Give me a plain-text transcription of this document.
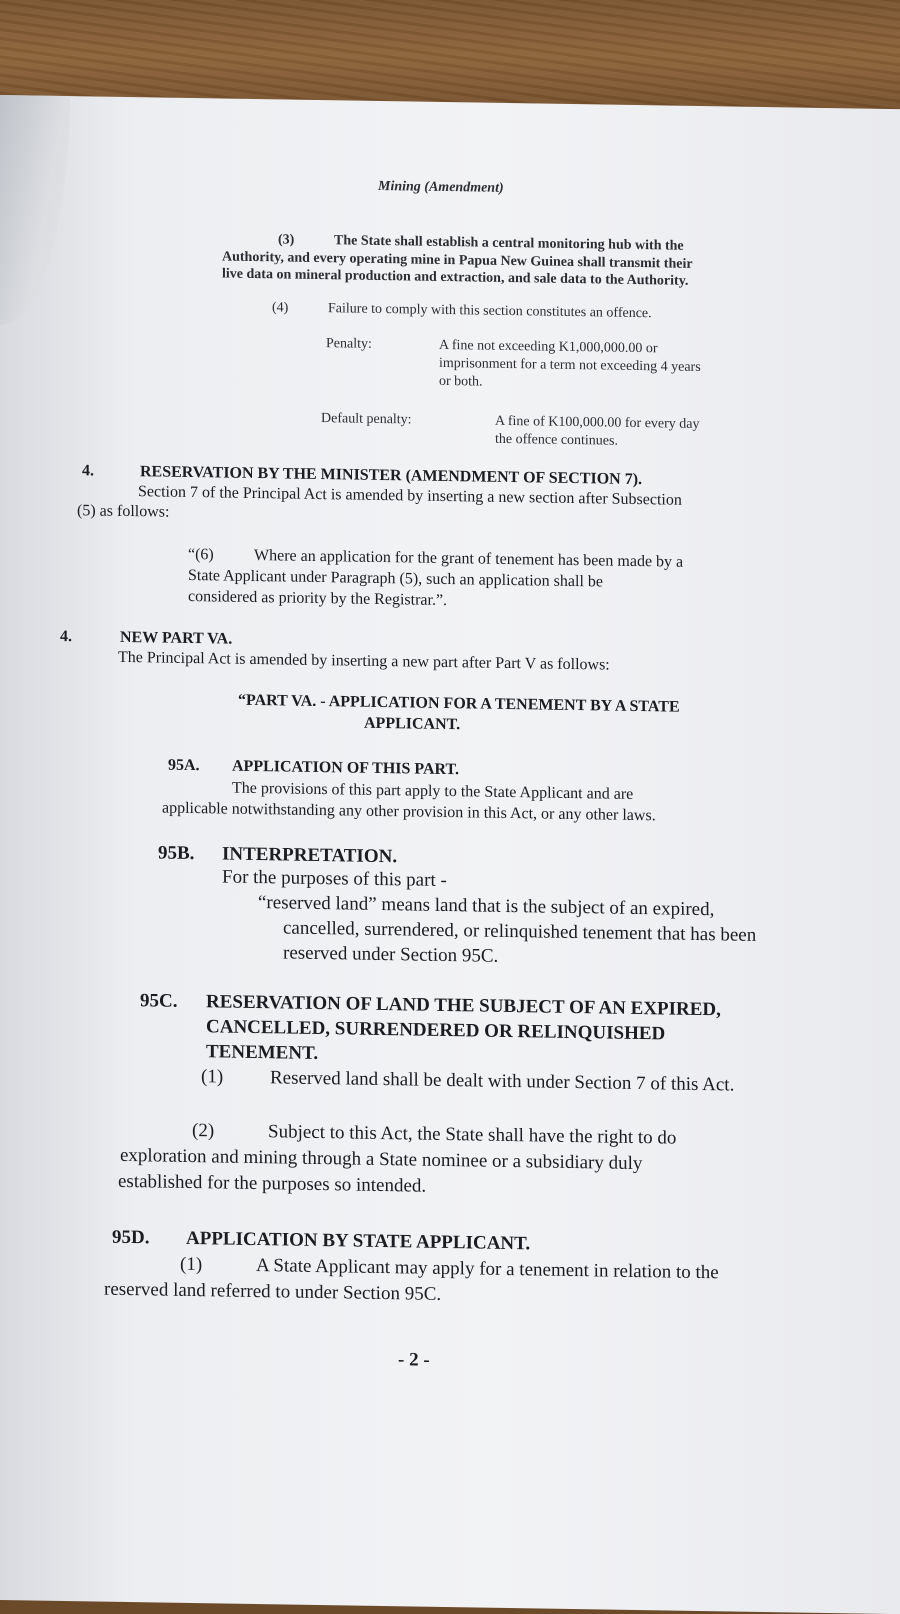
Mining (Amendment)
(3)	The State shall establish a central monitoring hub with the
Authority, and every operating mine in Papua New Guinea shall transmit their
live data on mineral production and extraction, and sale data to the Authority.
(4)	Failure to comply with this section constitutes an offence.
Penalty:	A fine not exceeding K1,000,000.00 or
imprisonment for a term not exceeding 4 years
or both.
Default penalty:	A fine of K100,000.00 for every day
the offence continues.
4.	RESERVATION BY THE MINISTER (AMENDMENT OF SECTION 7).
Section 7 of the Principal Act is amended by inserting a new section after Subsection
(5) as follows:
“(6)	Where an application for the grant of tenement has been made by a
State Applicant under Paragraph (5), such an application shall be
considered as priority by the Registrar.”.
4.	NEW PART VA.
The Principal Act is amended by inserting a new part after Part V as follows:
“PART VA. - APPLICATION FOR A TENEMENT BY A STATE
APPLICANT.
95A. APPLICATION OF THIS PART.
The provisions of this part apply to the State Applicant and are
applicable notwithstanding any other provision in this Act, or any other laws.
95B. INTERPRETATION.
For the purposes of this part -
“reserved land” means land that is the subject of an expired,
cancelled, surrendered, or relinquished tenement that has been
reserved under Section 95C.
95C. RESERVATION OF LAND THE SUBJECT OF AN EXPIRED,
CANCELLED, SURRENDERED OR RELINQUISHED
TENEMENT.
(1) Reserved land shall be dealt with under Section 7 of this Act.
(2)	Subject to this Act, the State shall have the right to do
exploration and mining through a State nominee or a subsidiary duly
established for the purposes so intended.
95D. APPLICATION BY STATE APPLICANT.
(1)	A State Applicant may apply for a tenement in relation to the
reserved land referred to under Section 95C.
- 2 -
